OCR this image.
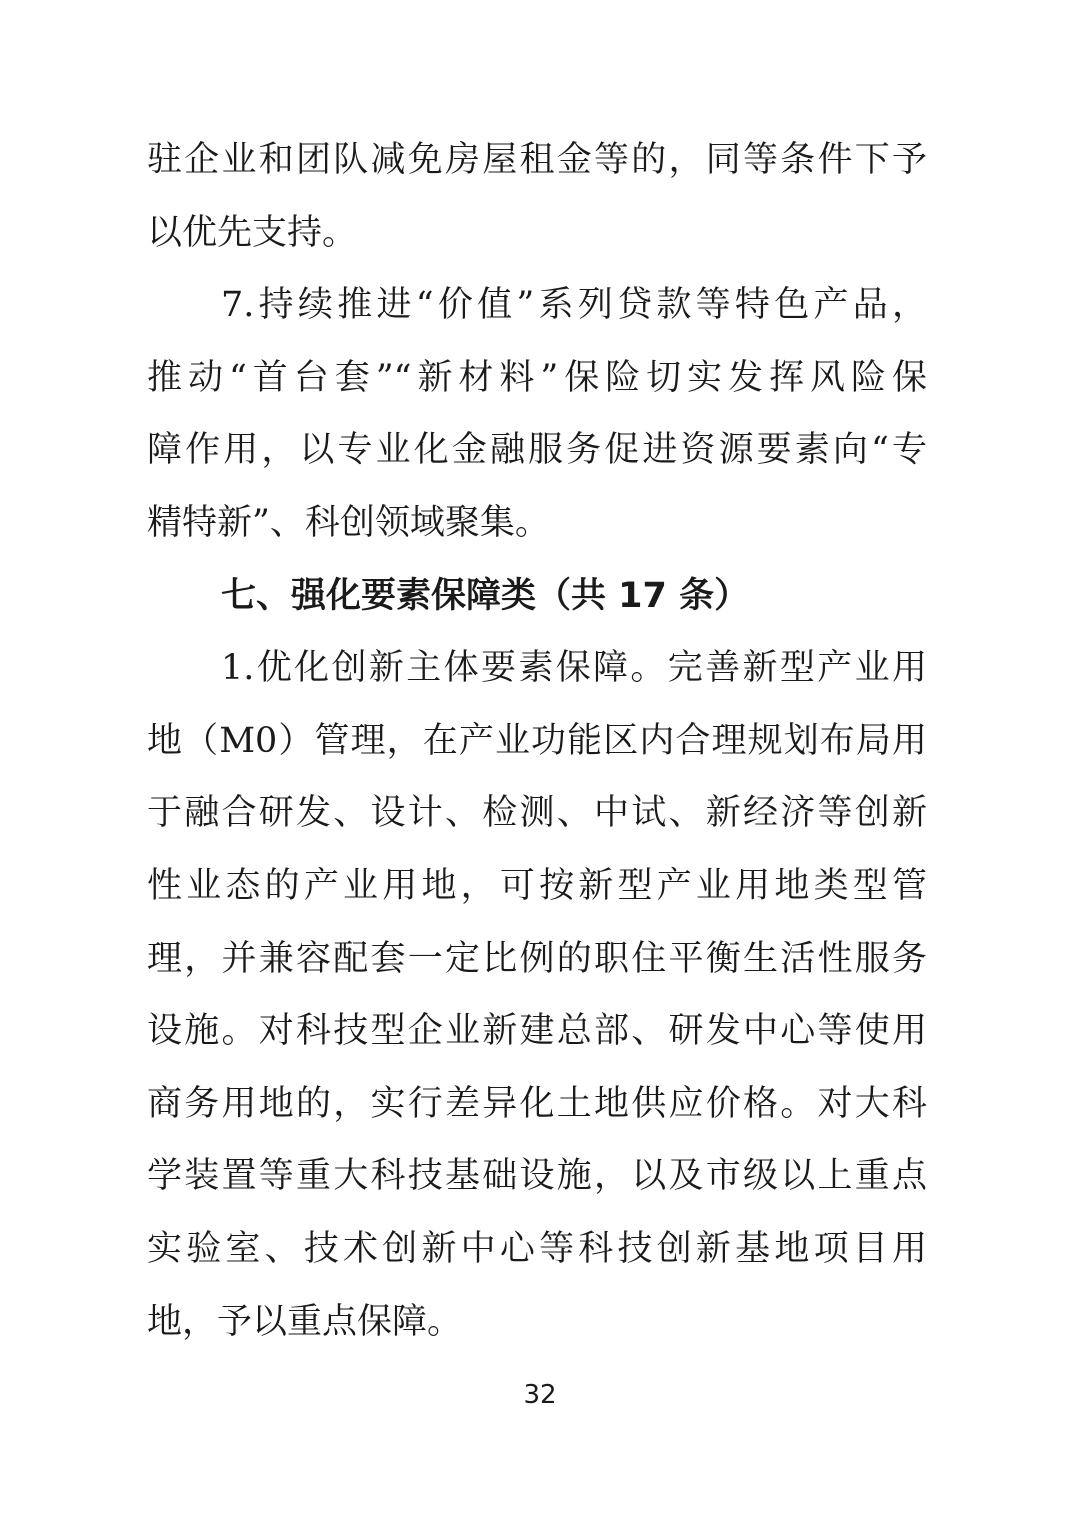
驻企业和团队减免房屋租金等的，同等条件下予
以优先支持。
7.持续推进“价值”系列贷款等特色产品，
推动“首台套”“新材料”保险切实发挥风险保
障作用，以专业化金融服务促进资源要素向“专
精特新”、科创领域聚集。
七、强化要素保障类（共 17 条）
1.优化创新主体要素保障。完善新型产业用
地（M0）管理，在产业功能区内合理规划布局用
于融合研发、设计、检测、中试、新经济等创新
性业态的产业用地，可按新型产业用地类型管
理，并兼容配套一定比例的职住平衡生活性服务
设施。对科技型企业新建总部、研发中心等使用
商务用地的，实行差异化土地供应价格。对大科
学装置等重大科技基础设施，以及市级以上重点
实验室、技术创新中心等科技创新基地项目用
地，予以重点保障。
32
